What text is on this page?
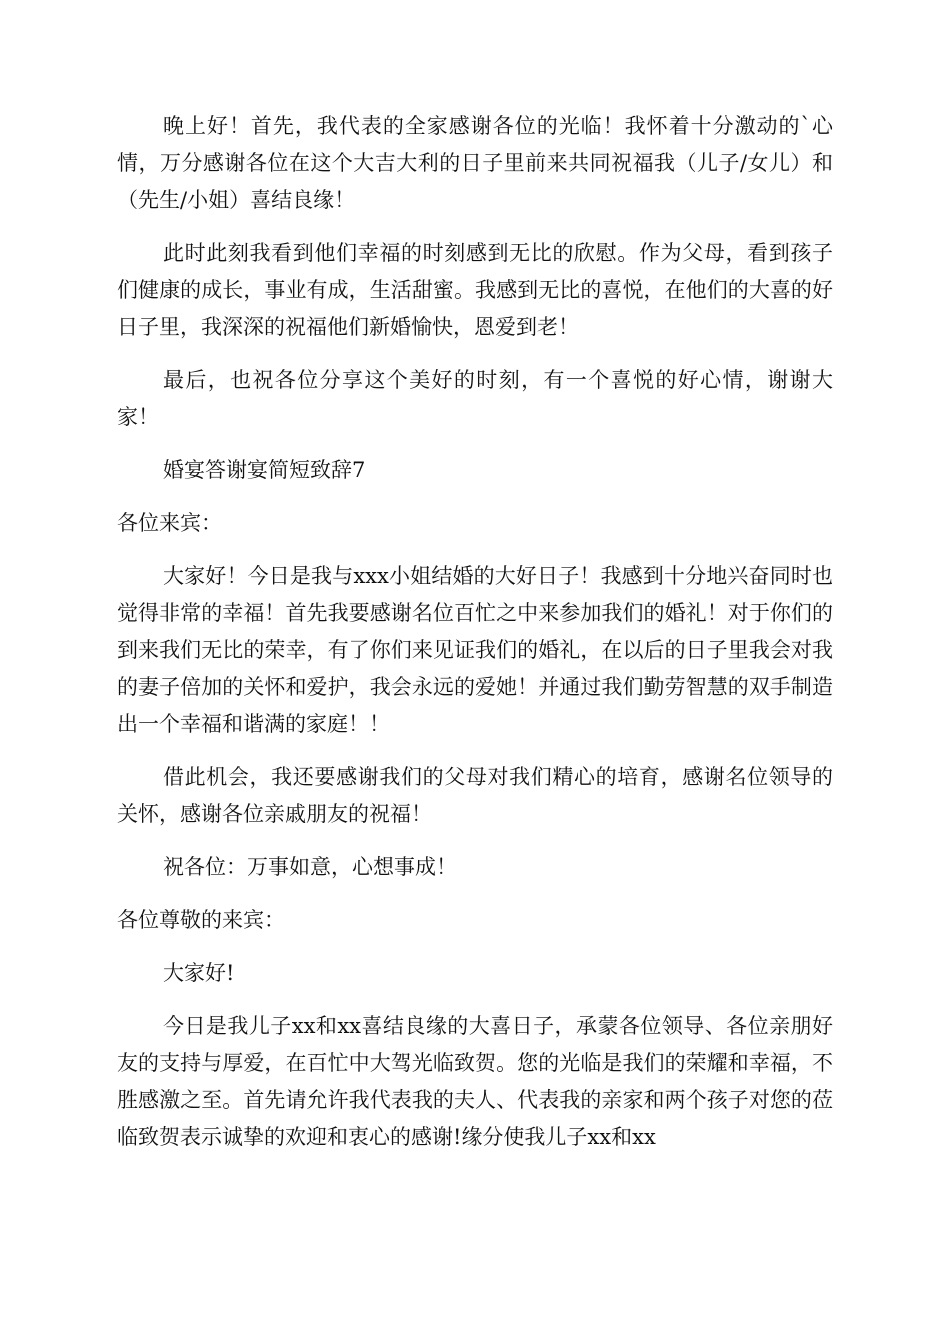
晚上好！首先，我代表的全家感谢各位的光临！我怀着十分激动的`心情，万分感谢各位在这个大吉大利的日子里前来共同祝福我（儿子/女儿）和（先生/小姐）喜结良缘！

此时此刻我看到他们幸福的时刻感到无比的欣慰。作为父母，看到孩子们健康的成长，事业有成，生活甜蜜。我感到无比的喜悦，在他们的大喜的好日子里，我深深的祝福他们新婚愉快，恩爱到老！

最后，也祝各位分享这个美好的时刻，有一个喜悦的好心情，谢谢大家！

婚宴答谢宴简短致辞7

各位来宾：

大家好！今日是我与xxx小姐结婚的大好日子！我感到十分地兴奋同时也觉得非常的幸福！首先我要感谢名位百忙之中来参加我们的婚礼！对于你们的到来我们无比的荣幸，有了你们来见证我们的婚礼，在以后的日子里我会对我的妻子倍加的关怀和爱护，我会永远的爱她！并通过我们勤劳智慧的双手制造出一个幸福和谐满的家庭！！

借此机会，我还要感谢我们的父母对我们精心的培育，感谢名位领导的关怀，感谢各位亲戚朋友的祝福！

祝各位：万事如意，心想事成！

各位尊敬的来宾：

大家好!

今日是我儿子xx和xx喜结良缘的大喜日子，承蒙各位领导、各位亲朋好友的支持与厚爱，在百忙中大驾光临致贺。您的光临是我们的荣耀和幸福，不胜感激之至。首先请允许我代表我的夫人、代表我的亲家和两个孩子对您的莅临致贺表示诚挚的欢迎和衷心的感谢!缘分使我儿子xx和xx
